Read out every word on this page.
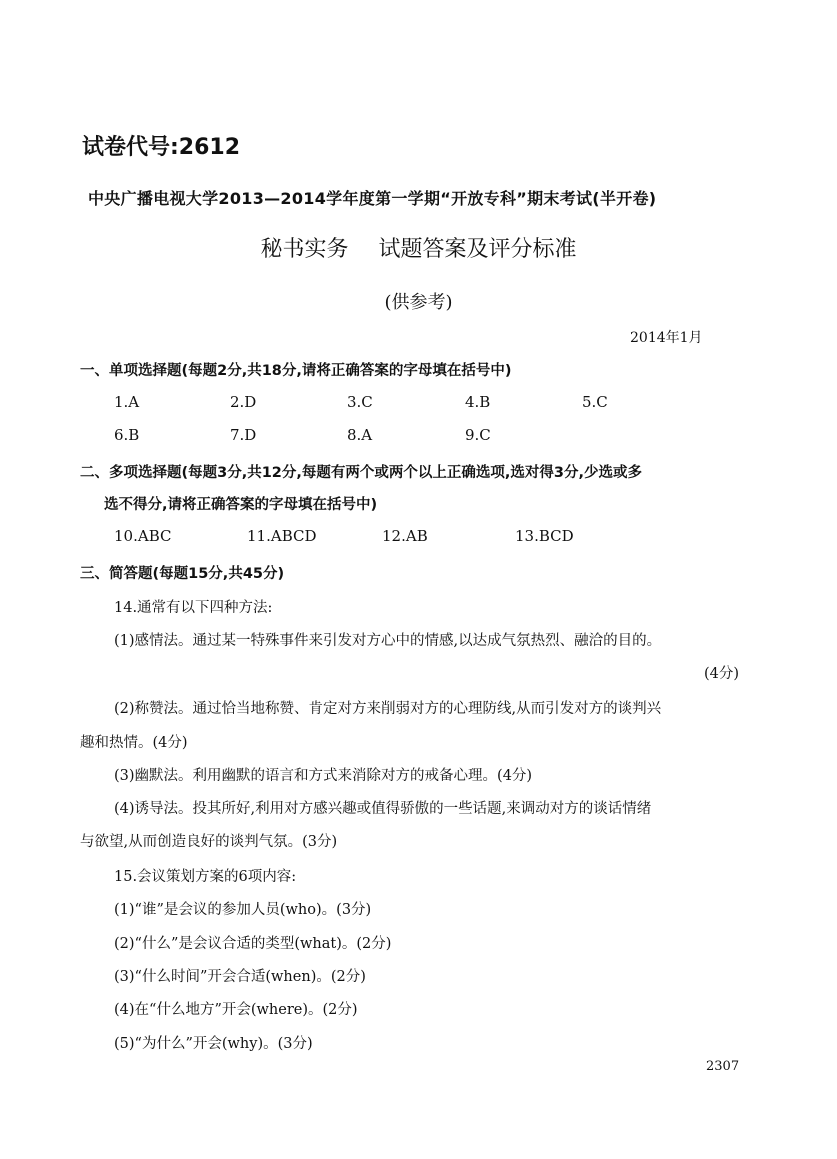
试卷代号:2612
中央广播电视大学2013—2014学年度第一学期“开放专科”期末考试(半开卷)
秘书实务 试题答案及评分标准
(供参考)
2014年1月
一、单项选择题(每题2分,共18分,请将正确答案的字母填在括号中)
1.A	2.D	3.C	4.B	5.C
6.B	7.D	8.A	9.C
二、多项选择题(每题3分,共12分,每题有两个或两个以上正确选项,选对得3分,少选或多
选不得分,请将正确答案的字母填在括号中)
10.ABC	11.ABCD	12.AB	13.BCD
三、简答题(每题15分,共45分)
14.通常有以下四种方法:
(1)感情法。通过某一特殊事件来引发对方心中的情感,以达成气氛热烈、融洽的目的。
(4分)
(2)称赞法。通过恰当地称赞、肯定对方来削弱对方的心理防线,从而引发对方的谈判兴
趣和热情。(4分)
(3)幽默法。利用幽默的语言和方式来消除对方的戒备心理。(4分)
(4)诱导法。投其所好,利用对方感兴趣或值得骄傲的一些话题,来调动对方的谈话情绪
与欲望,从而创造良好的谈判气氛。(3分)
15.会议策划方案的6项内容:
(1)“谁”是会议的参加人员(who)。(3分)
(2)“什么”是会议合适的类型(what)。(2分)
(3)“什么时间”开会合适(when)。(2分)
(4)在“什么地方”开会(where)。(2分)
(5)“为什么”开会(why)。(3分)
2307
